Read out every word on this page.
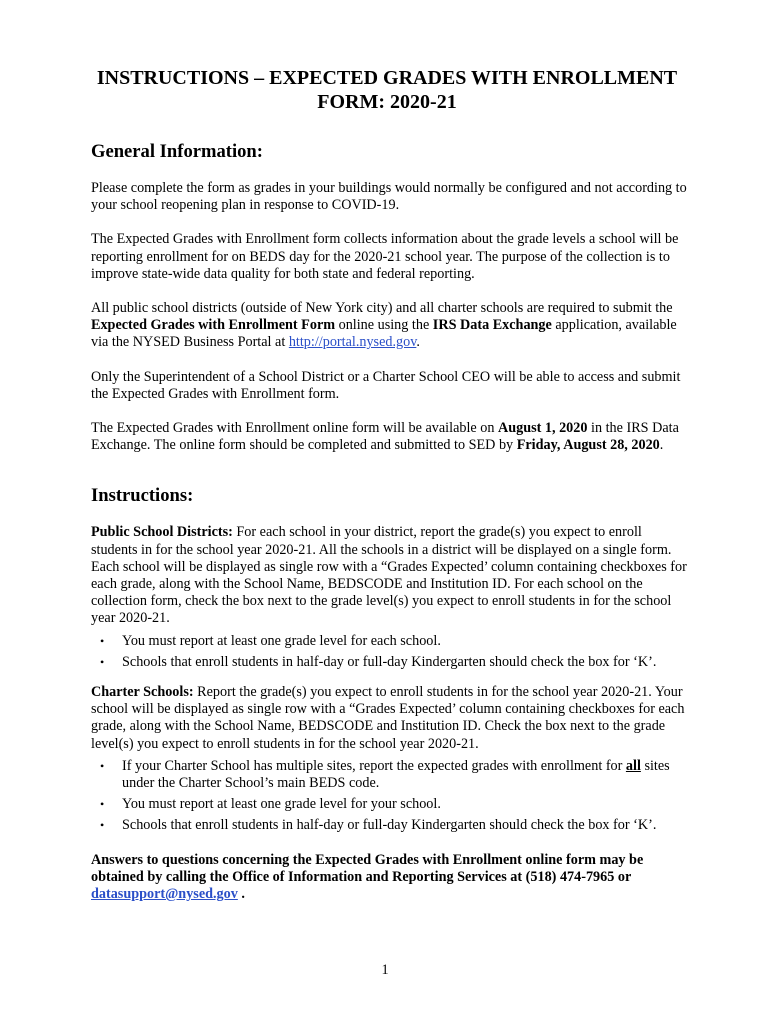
INSTRUCTIONS – EXPECTED GRADES WITH ENROLLMENT
FORM: 2020-21
General Information:

Please complete the form as grades in your buildings would normally be configured and not according to your school reopening plan in response to COVID-19.

The Expected Grades with Enrollment form collects information about the grade levels a school will be reporting enrollment for on BEDS day for the 2020-21 school year. The purpose of the collection is to improve state-wide data quality for both state and federal reporting.

All public school districts (outside of New York city) and all charter schools are required to submit the Expected Grades with Enrollment Form online using the IRS Data Exchange application, available via the NYSED Business Portal at http://portal.nysed.gov.

Only the Superintendent of a School District or a Charter School CEO will be able to access and submit the Expected Grades with Enrollment form.

The Expected Grades with Enrollment online form will be available on August 1, 2020 in the IRS Data Exchange. The online form should be completed and submitted to SED by Friday, August 28, 2020.

Instructions:

Public School Districts: For each school in your district, report the grade(s) you expect to enroll students in for the school year 2020-21. All the schools in a district will be displayed on a single form. Each school will be displayed as single row with a “Grades Expected’ column containing checkboxes for each grade, along with the School Name, BEDSCODE and Institution ID. For each school on the collection form, check the box next to the grade level(s) you expect to enroll students in for the school year 2020-21.

• You must report at least one grade level for each school.
• Schools that enroll students in half-day or full-day Kindergarten should check the box for ‘K’.

Charter Schools: Report the grade(s) you expect to enroll students in for the school year 2020-21. Your school will be displayed as single row with a “Grades Expected’ column containing checkboxes for each grade, along with the School Name, BEDSCODE and Institution ID. Check the box next to the grade level(s) you expect to enroll students in for the school year 2020-21.

• If your Charter School has multiple sites, report the expected grades with enrollment for all sites under the Charter School’s main BEDS code.
• You must report at least one grade level for your school.
• Schools that enroll students in half-day or full-day Kindergarten should check the box for ‘K’.

Answers to questions concerning the Expected Grades with Enrollment online form may be obtained by calling the Office of Information and Reporting Services at (518) 474-7965 or datasupport@nysed.gov .

1
